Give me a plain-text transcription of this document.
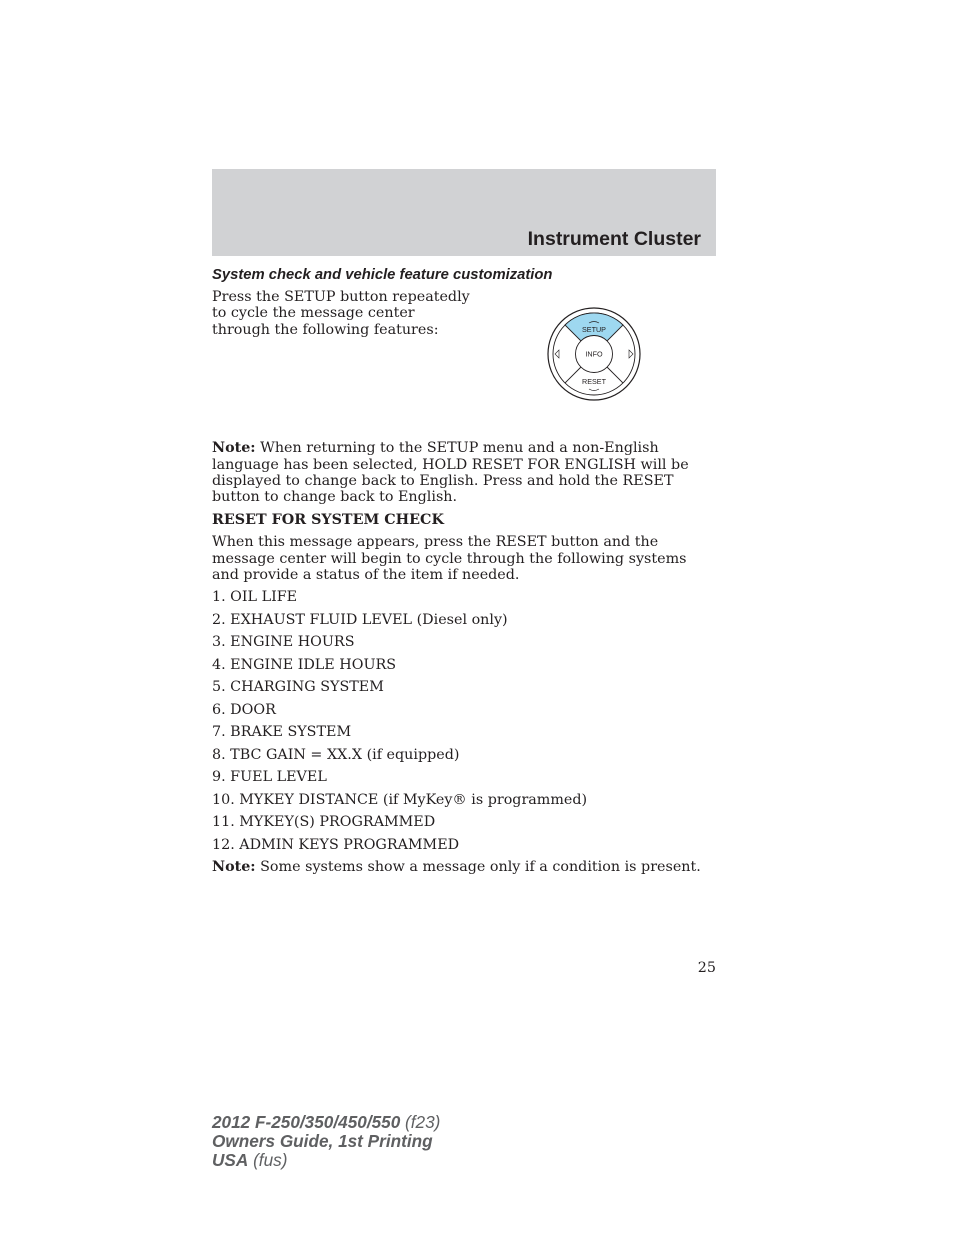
Instrument Cluster
System check and vehicle feature customization

Press the SETUP button repeatedly to cycle the message center through the following features:	SETUP
INFO
RESET

Note: When returning to the SETUP menu and a non-English language has been selected, HOLD RESET FOR ENGLISH will be displayed to change back to English. Press and hold the RESET button to change back to English.

RESET FOR SYSTEM CHECK

When this message appears, press the RESET button and the message center will begin to cycle through the following systems and provide a status of the item if needed.

1. OIL LIFE
2. EXHAUST FLUID LEVEL (Diesel only)
3. ENGINE HOURS
4. ENGINE IDLE HOURS
5. CHARGING SYSTEM
6. DOOR
7. BRAKE SYSTEM
8. TBC GAIN = XX.X (if equipped)
9. FUEL LEVEL
10. MYKEY DISTANCE (if MyKey® is programmed)
11. MYKEY(S) PROGRAMMED
12. ADMIN KEYS PROGRAMMED

Note: Some systems show a message only if a condition is present.

25
2012 F-250/350/450/550 (f23)
Owners Guide, 1st Printing
USA (fus)
